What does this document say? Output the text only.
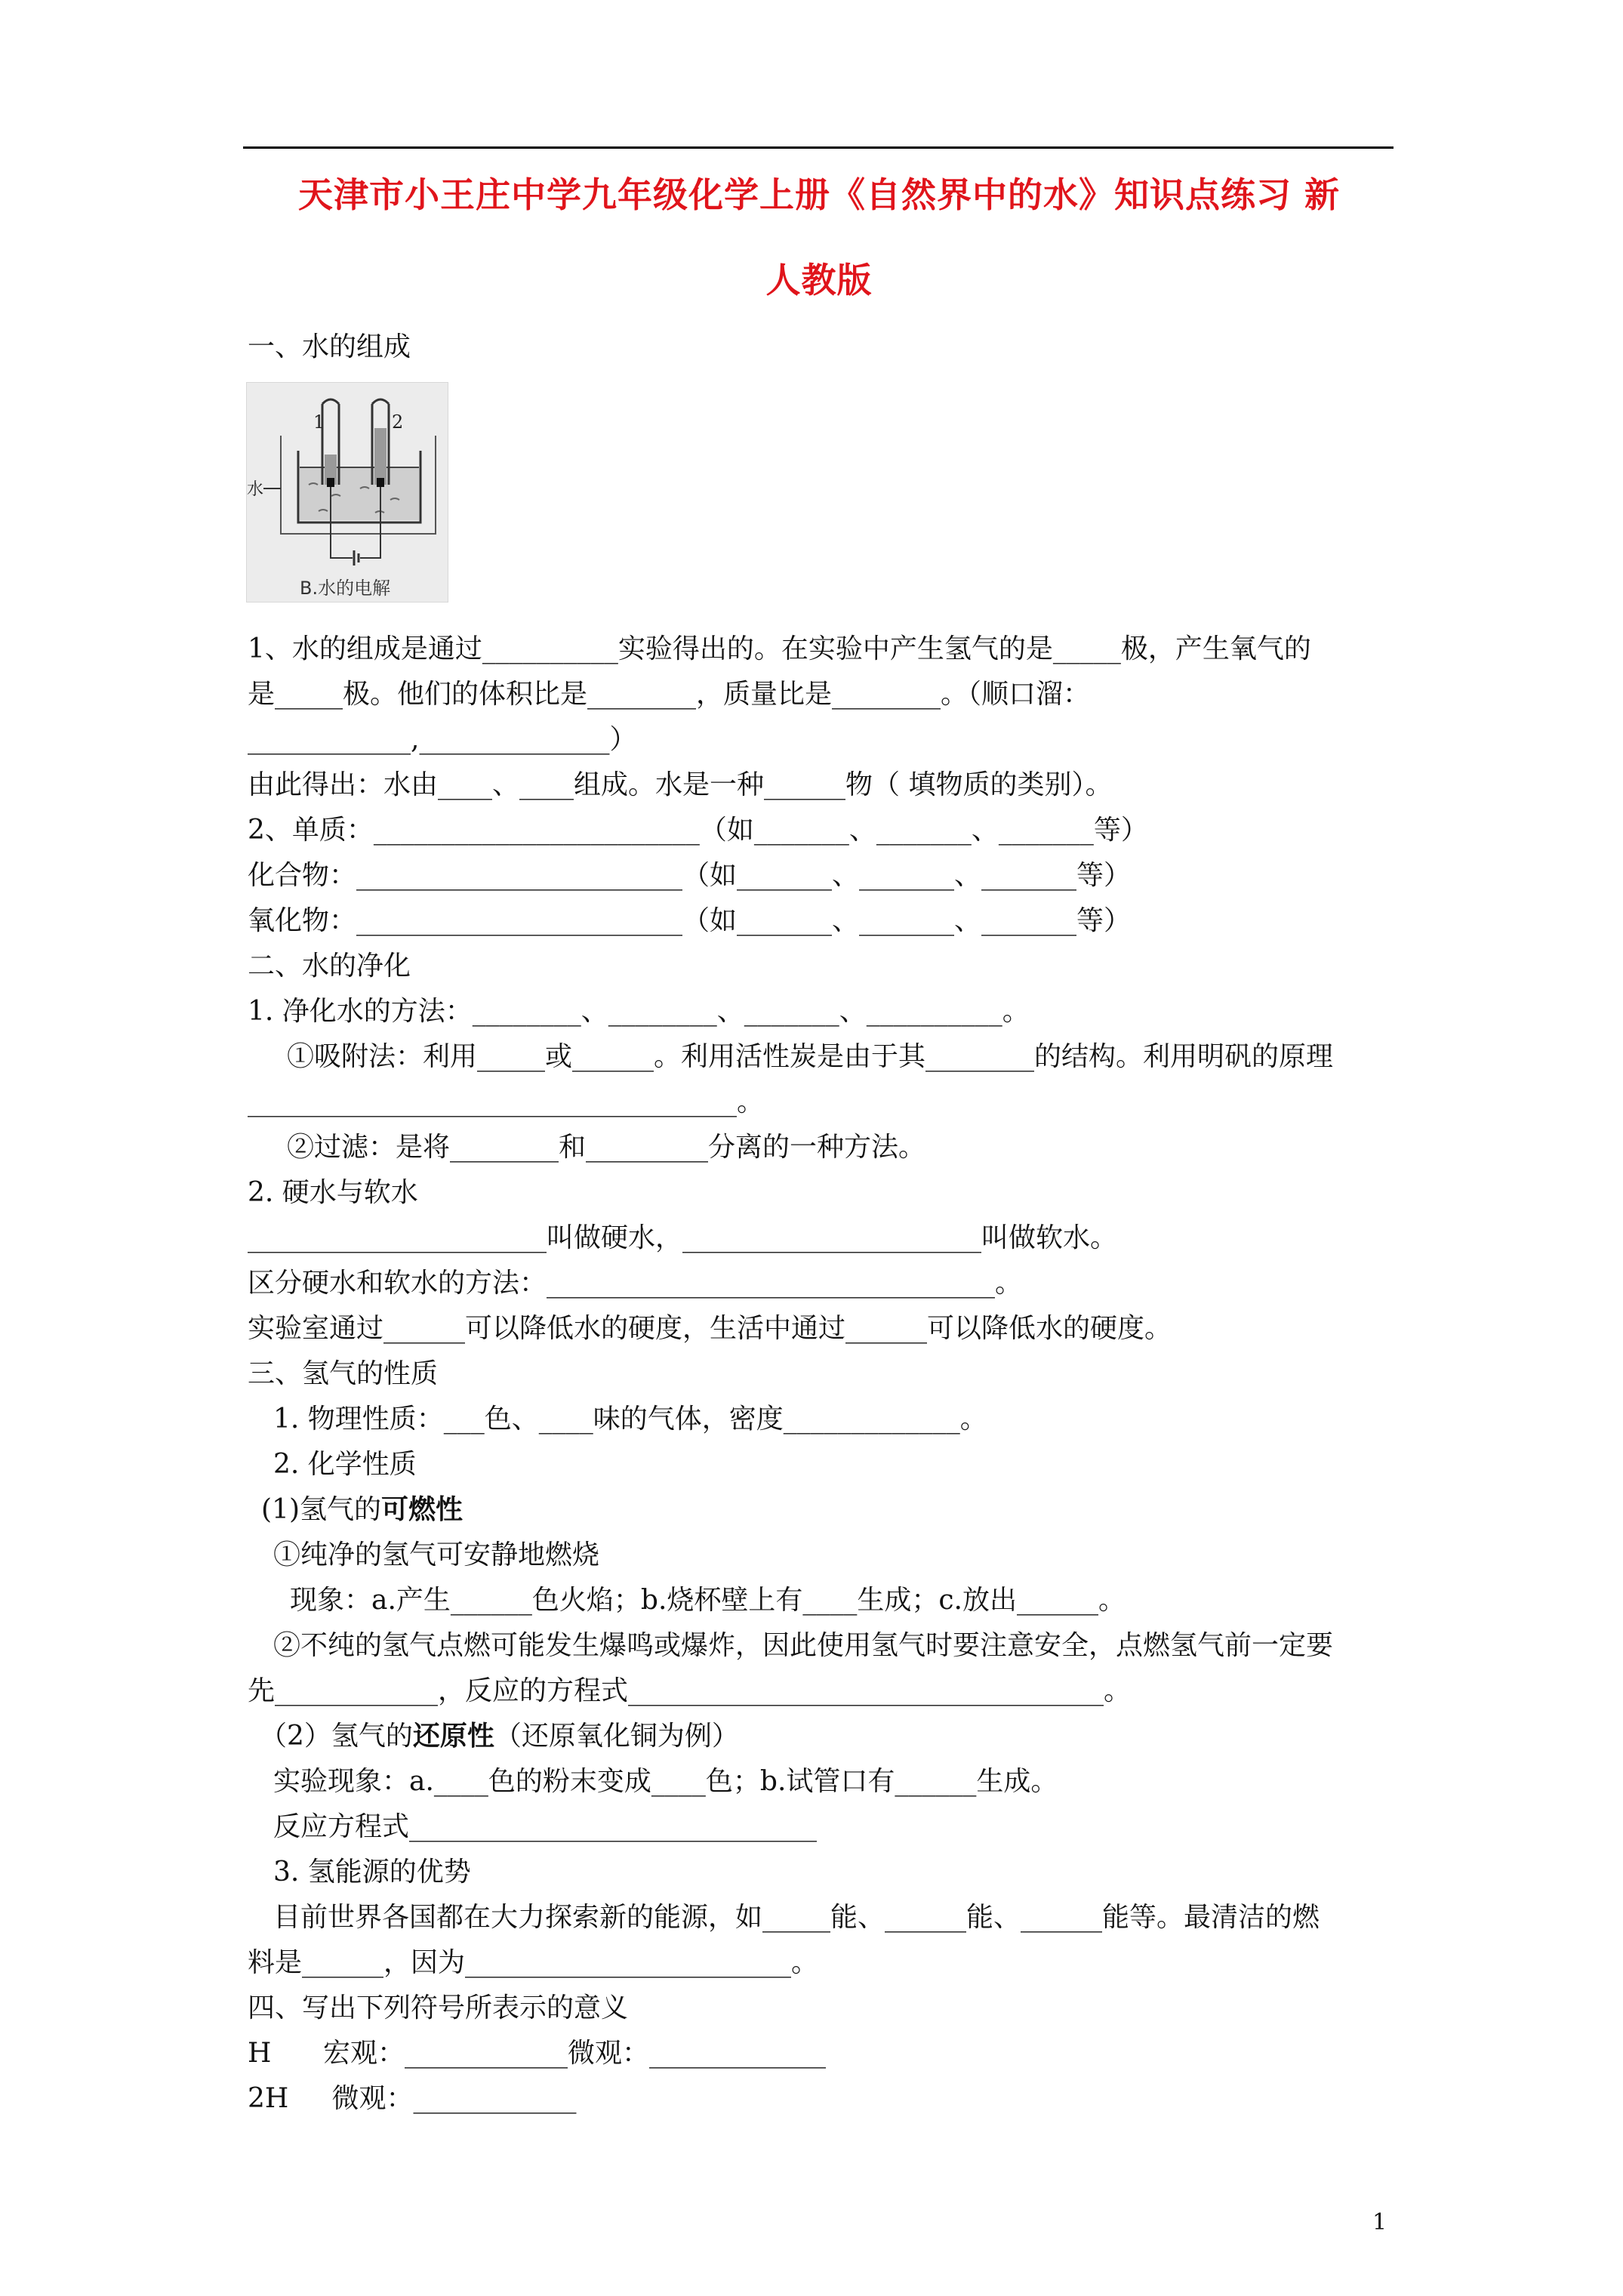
天津市小王庄中学九年级化学上册《自然界中的水》知识点练习 新
人教版
一、水的组成
1	2
水
B.水的电解
1、水的组成是通过__________实验得出的。在实验中产生氢气的是_____极，产生氧气的
是_____极。他们的体积比是________，质量比是________。（顺口溜：
____________,______________）
由此得出：水由____、____组成。水是一种______物（ 填物质的类别）。
2、单质：________________________（如_______、_______、_______等）
化合物：________________________（如_______、_______、_______等）
氧化物：________________________（如_______、_______、_______等）
二、水的净化
1. 净化水的方法：________、________、_______、__________。
①吸附法：利用_____或______。利用活性炭是由于其________的结构。利用明矾的原理
____________________________________。
②过滤：是将________和_________分离的一种方法。
2. 硬水与软水
______________________叫做硬水，______________________叫做软水。
区分硬水和软水的方法：_________________________________。
实验室通过______可以降低水的硬度，生活中通过______可以降低水的硬度。
三、氢气的性质
1. 物理性质：___色、____味的气体，密度_____________。
2. 化学性质
(1)氢气的可燃性
①纯净的氢气可安静地燃烧
现象：a.产生______色火焰；b.烧杯壁上有____生成；c.放出______。
②不纯的氢气点燃可能发生爆鸣或爆炸，因此使用氢气时要注意安全，点燃氢气前一定要
先____________，反应的方程式___________________________________。
（2）氢气的还原性（还原氧化铜为例）
实验现象：a.____色的粉末变成____色；b.试管口有______生成。
反应方程式______________________________
3. 氢能源的优势
目前世界各国都在大力探索新的能源，如_____能、______能、______能等。最清洁的燃
料是______，因为________________________。
四、写出下列符号所表示的意义
H      宏观：____________微观：_____________
2H     微观：____________
1
